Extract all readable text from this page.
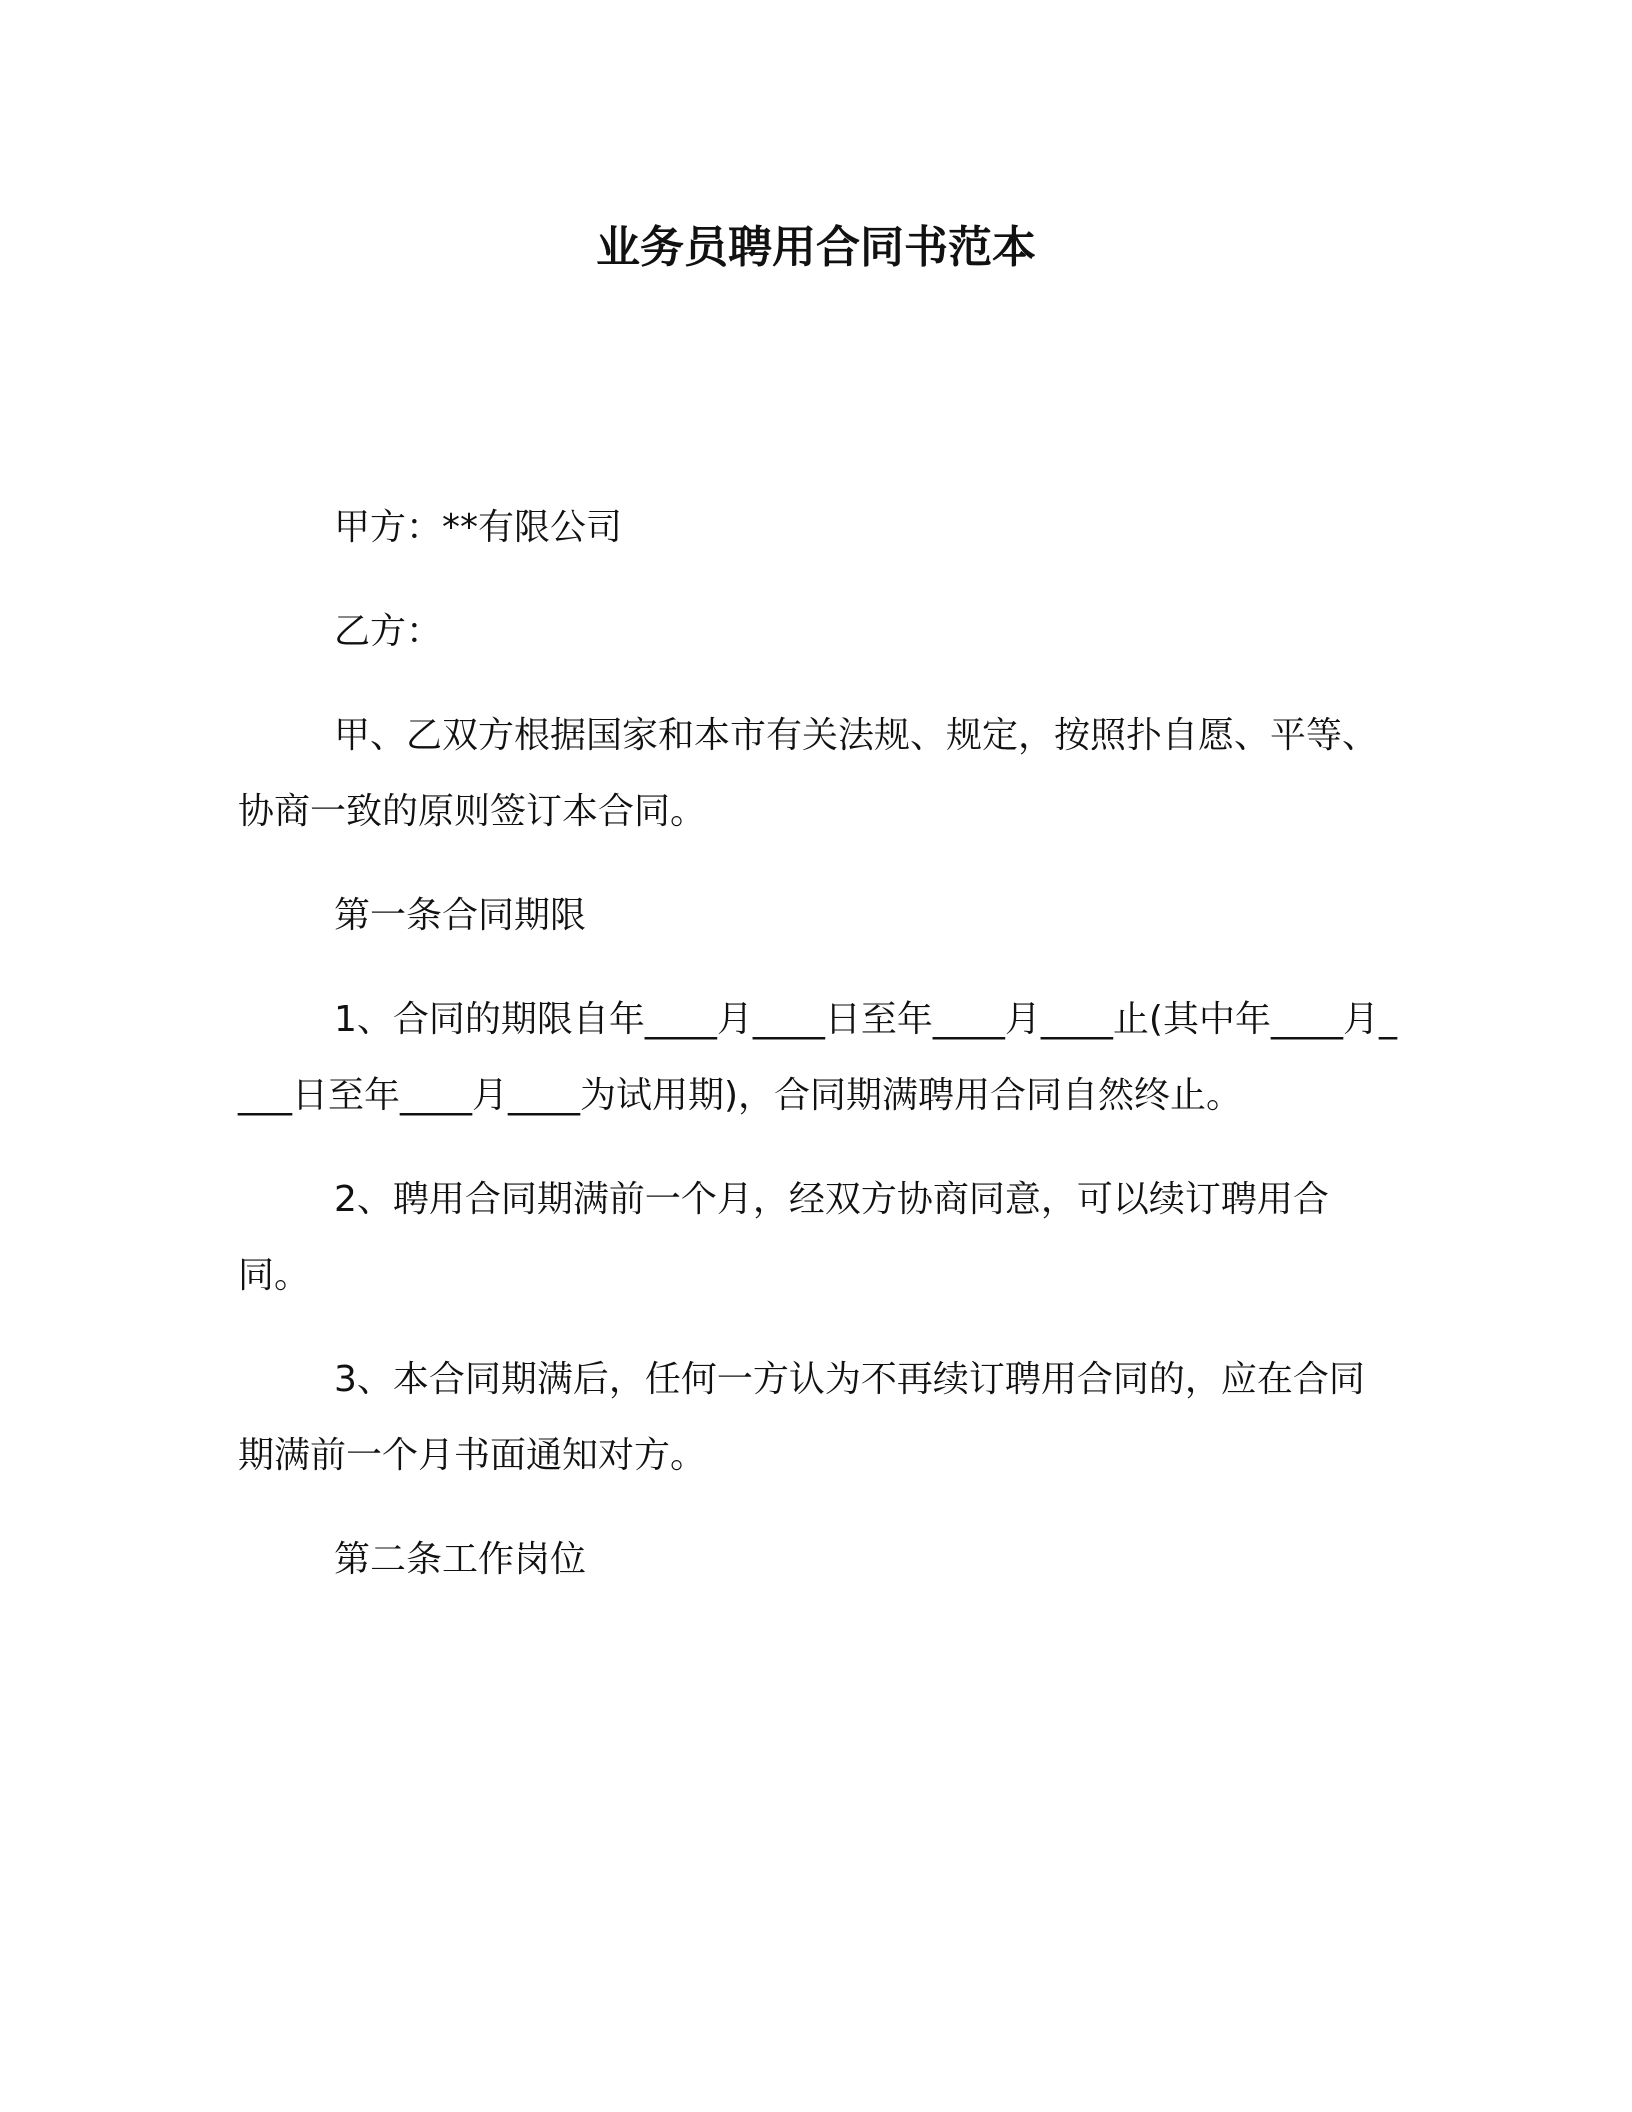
业务员聘用合同书范本

甲方：**有限公司

乙方：

甲、乙双方根据国家和本市有关法规、规定，按照扑自愿、平等、协商一致的原则签订本合同。

第一条合同期限

1、合同的期限自年____月____日至年____月____止(其中年____月____日至年____月____为试用期)，合同期满聘用合同自然终止。

2、聘用合同期满前一个月，经双方协商同意，可以续订聘用合同。

3、本合同期满后，任何一方认为不再续订聘用合同的，应在合同期满前一个月书面通知对方。

第二条工作岗位
